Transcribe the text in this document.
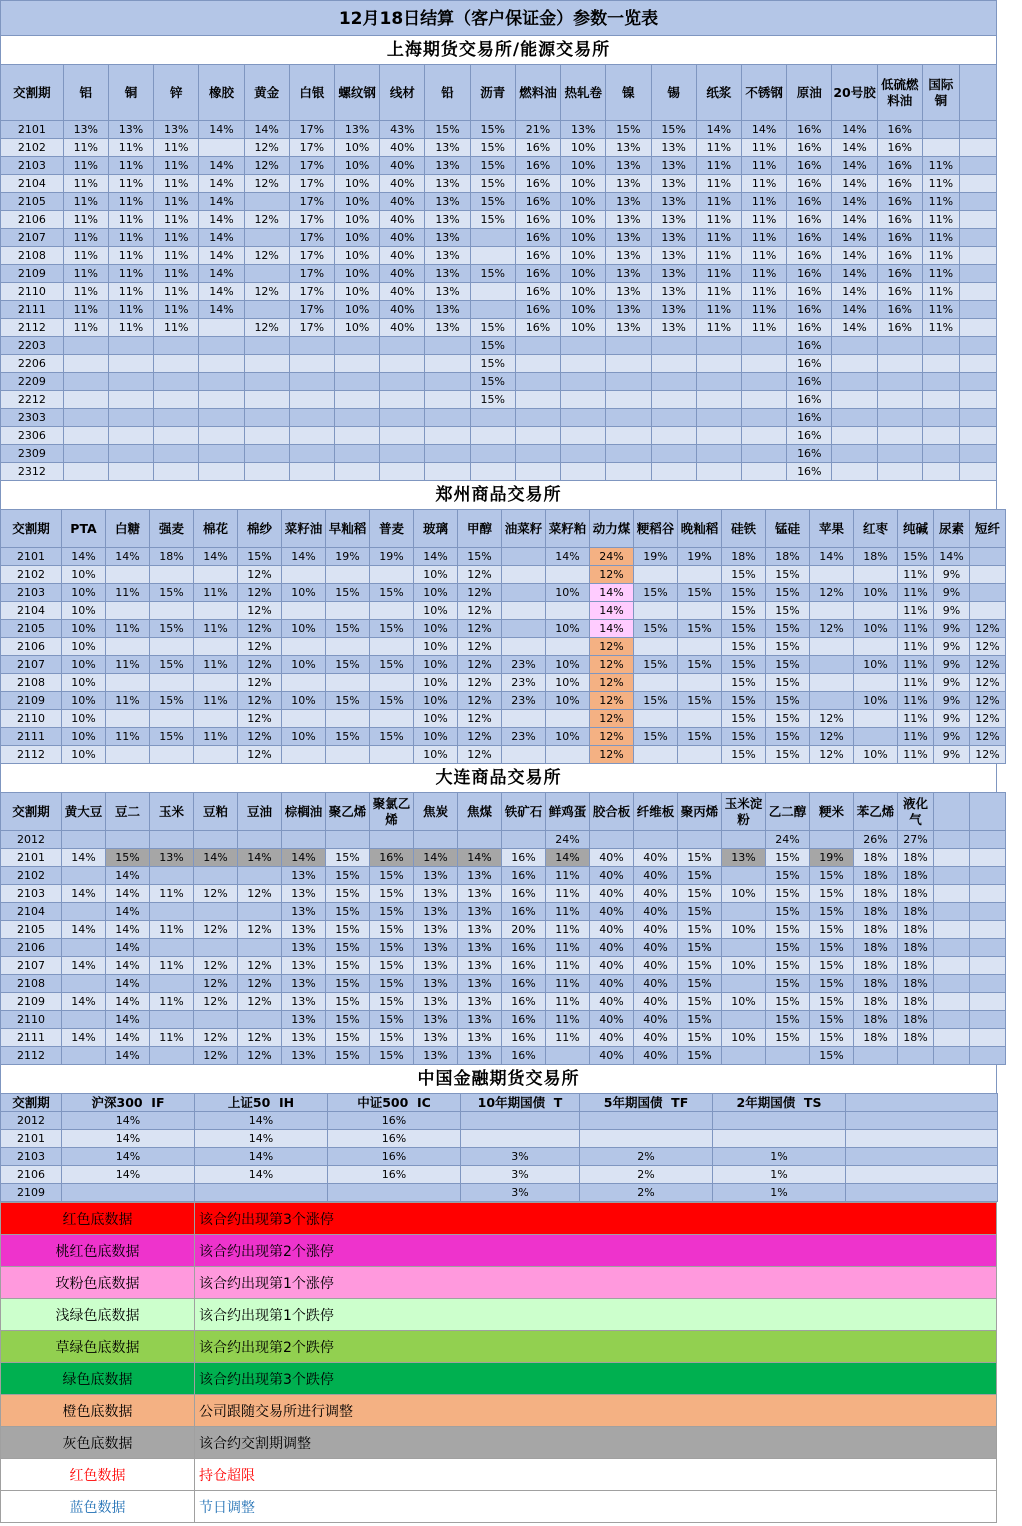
12月18日结算（客户保证金）参数一览表
上海期货交易所/能源交易所
交割期	铝	铜	锌	橡胶	黄金	白银	螺纹钢	线材	铅	沥青	燃料油	热轧卷	镍	锡	纸浆	不锈钢	原油	20号胶	低硫燃料油	国际铜	
2101	13%	13%	13%	14%	14%	17%	13%	43%	15%	15%	21%	13%	15%	15%	14%	14%	16%	14%	16%		
2102	11%	11%	11%		12%	17%	10%	40%	13%	15%	16%	10%	13%	13%	11%	11%	16%	14%	16%		
2103	11%	11%	11%	14%	12%	17%	10%	40%	13%	15%	16%	10%	13%	13%	11%	11%	16%	14%	16%	11%	
2104	11%	11%	11%	14%	12%	17%	10%	40%	13%	15%	16%	10%	13%	13%	11%	11%	16%	14%	16%	11%	
2105	11%	11%	11%	14%		17%	10%	40%	13%	15%	16%	10%	13%	13%	11%	11%	16%	14%	16%	11%	
2106	11%	11%	11%	14%	12%	17%	10%	40%	13%	15%	16%	10%	13%	13%	11%	11%	16%	14%	16%	11%	
2107	11%	11%	11%	14%		17%	10%	40%	13%		16%	10%	13%	13%	11%	11%	16%	14%	16%	11%	
2108	11%	11%	11%	14%	12%	17%	10%	40%	13%		16%	10%	13%	13%	11%	11%	16%	14%	16%	11%	
2109	11%	11%	11%	14%		17%	10%	40%	13%	15%	16%	10%	13%	13%	11%	11%	16%	14%	16%	11%	
2110	11%	11%	11%	14%	12%	17%	10%	40%	13%		16%	10%	13%	13%	11%	11%	16%	14%	16%	11%	
2111	11%	11%	11%	14%		17%	10%	40%	13%		16%	10%	13%	13%	11%	11%	16%	14%	16%	11%	
2112	11%	11%	11%		12%	17%	10%	40%	13%	15%	16%	10%	13%	13%	11%	11%	16%	14%	16%	11%	
2203										15%							16%				
2206										15%							16%				
2209										15%							16%				
2212										15%							16%				
2303																	16%				
2306																	16%				
2309																	16%				
2312																	16%				
郑州商品交易所
交割期	PTA	白糖	强麦	棉花	棉纱	菜籽油	早籼稻	普麦	玻璃	甲醇	油菜籽	菜籽粕	动力煤	粳稻谷	晚籼稻	硅铁	锰硅	苹果	红枣	纯碱	尿素	短纤
2101	14%	14%	18%	14%	15%	14%	19%	19%	14%	15%		14%	24%	19%	19%	18%	18%	14%	18%	15%	14%	
2102	10%				12%				10%	12%			12%			15%	15%			11%	9%	
2103	10%	11%	15%	11%	12%	10%	15%	15%	10%	12%		10%	14%	15%	15%	15%	15%	12%	10%	11%	9%	
2104	10%				12%				10%	12%			14%			15%	15%			11%	9%	
2105	10%	11%	15%	11%	12%	10%	15%	15%	10%	12%		10%	14%	15%	15%	15%	15%	12%	10%	11%	9%	12%
2106	10%				12%				10%	12%			12%			15%	15%			11%	9%	12%
2107	10%	11%	15%	11%	12%	10%	15%	15%	10%	12%	23%	10%	12%	15%	15%	15%	15%		10%	11%	9%	12%
2108	10%				12%				10%	12%	23%	10%	12%			15%	15%			11%	9%	12%
2109	10%	11%	15%	11%	12%	10%	15%	15%	10%	12%	23%	10%	12%	15%	15%	15%	15%		10%	11%	9%	12%
2110	10%				12%				10%	12%			12%			15%	15%	12%		11%	9%	12%
2111	10%	11%	15%	11%	12%	10%	15%	15%	10%	12%	23%	10%	12%	15%	15%	15%	15%	12%		11%	9%	12%
2112	10%				12%				10%	12%			12%			15%	15%	12%	10%	11%	9%	12%
大连商品交易所
交割期	黄大豆	豆二	玉米	豆粕	豆油	棕榈油	聚乙烯	聚氯乙烯	焦炭	焦煤	铁矿石	鲜鸡蛋	胶合板	纤维板	聚丙烯	玉米淀粉	乙二醇	粳米	苯乙烯	液化气		
2012												24%					24%		26%	27%		
2101	14%	15%	13%	14%	14%	14%	15%	16%	14%	14%	16%	14%	40%	40%	15%	13%	15%	19%	18%	18%		
2102		14%				13%	15%	15%	13%	13%	16%	11%	40%	40%	15%		15%	15%	18%	18%		
2103	14%	14%	11%	12%	12%	13%	15%	15%	13%	13%	16%	11%	40%	40%	15%	10%	15%	15%	18%	18%		
2104		14%				13%	15%	15%	13%	13%	16%	11%	40%	40%	15%		15%	15%	18%	18%		
2105	14%	14%	11%	12%	12%	13%	15%	15%	13%	13%	20%	11%	40%	40%	15%	10%	15%	15%	18%	18%		
2106		14%				13%	15%	15%	13%	13%	16%	11%	40%	40%	15%		15%	15%	18%	18%		
2107	14%	14%	11%	12%	12%	13%	15%	15%	13%	13%	16%	11%	40%	40%	15%	10%	15%	15%	18%	18%		
2108		14%		12%	12%	13%	15%	15%	13%	13%	16%	11%	40%	40%	15%		15%	15%	18%	18%		
2109	14%	14%	11%	12%	12%	13%	15%	15%	13%	13%	16%	11%	40%	40%	15%	10%	15%	15%	18%	18%		
2110		14%				13%	15%	15%	13%	13%	16%	11%	40%	40%	15%		15%	15%	18%	18%		
2111	14%	14%	11%	12%	12%	13%	15%	15%	13%	13%	16%	11%	40%	40%	15%	10%	15%	15%	18%	18%		
2112		14%		12%	12%	13%	15%	15%	13%	13%	16%		40%	40%	15%			15%				
中国金融期货交易所
交割期	沪深300  IF	上证50  IH	中证500  IC	10年期国债  T	5年期国债  TF	2年期国债  TS	
2012	14%	14%	16%				
2101	14%	14%	16%				
2103	14%	14%	16%	3%	2%	1%	
2106	14%	14%	16%	3%	2%	1%	
2109				3%	2%	1%	
红色底数据	该合约出现第3个涨停
桃红色底数据	该合约出现第2个涨停
玫粉色底数据	该合约出现第1个涨停
浅绿色底数据	该合约出现第1个跌停
草绿色底数据	该合约出现第2个跌停
绿色底数据	该合约出现第3个跌停
橙色底数据	公司跟随交易所进行调整
灰色底数据	该合约交割期调整
红色数据	持仓超限
蓝色数据	节日调整
